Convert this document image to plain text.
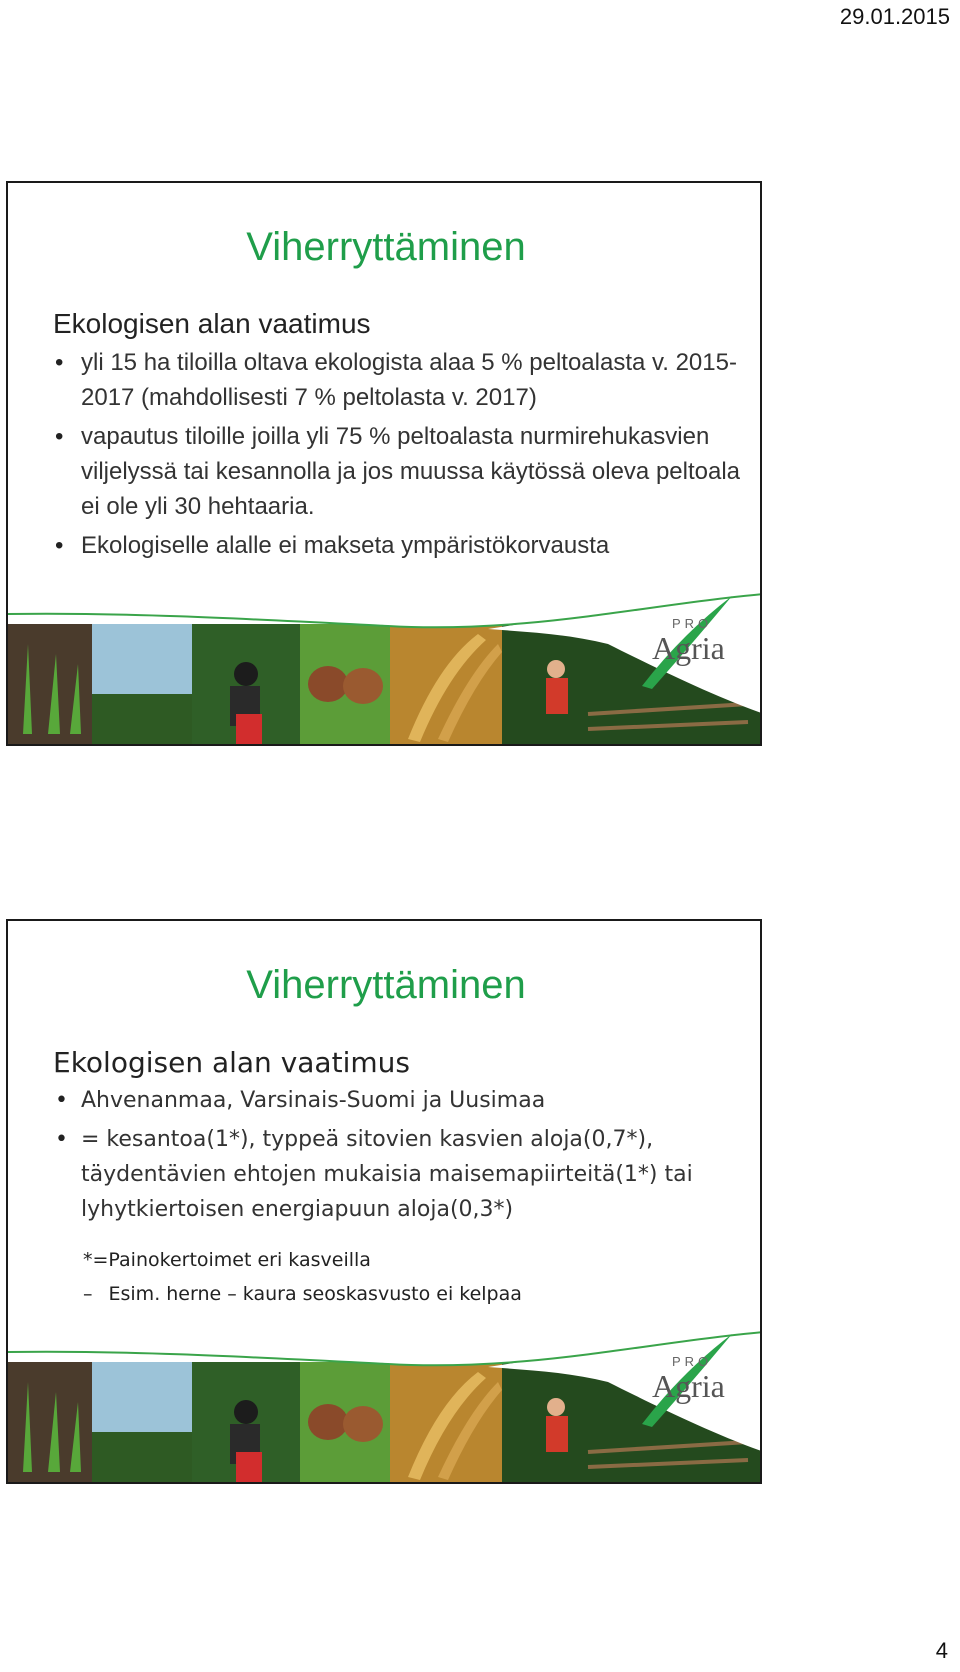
29.01.2015
Viherryttäminen
Ekologisen alan vaatimus
• yli 15 ha tiloilla oltava ekologista alaa 5 % peltoalasta v. 2015-2017 (mahdollisesti 7 % peltolasta v. 2017)
• vapautus tiloille joilla yli 75 % peltoalasta nurmirehukasvien viljelyssä tai kesannolla ja jos muussa käytössä oleva peltoala ei ole yli 30 hehtaaria.
• Ekologiselle alalle ei makseta ympäristökorvausta
PRO
Agria
Viherryttäminen
Ekologisen alan vaatimus
• Ahvenanmaa, Varsinais-Suomi ja Uusimaa
• = kesantoa(1*), typpeä sitovien kasvien aloja(0,7*), täydentävien ehtojen mukaisia maisemapiirteitä(1*) tai lyhytkiertoisen energiapuun aloja(0,3*)
*=Painokertoimet eri kasveilla
– Esim. herne – kaura seoskasvusto ei kelpaa
PRO
Agria
4
